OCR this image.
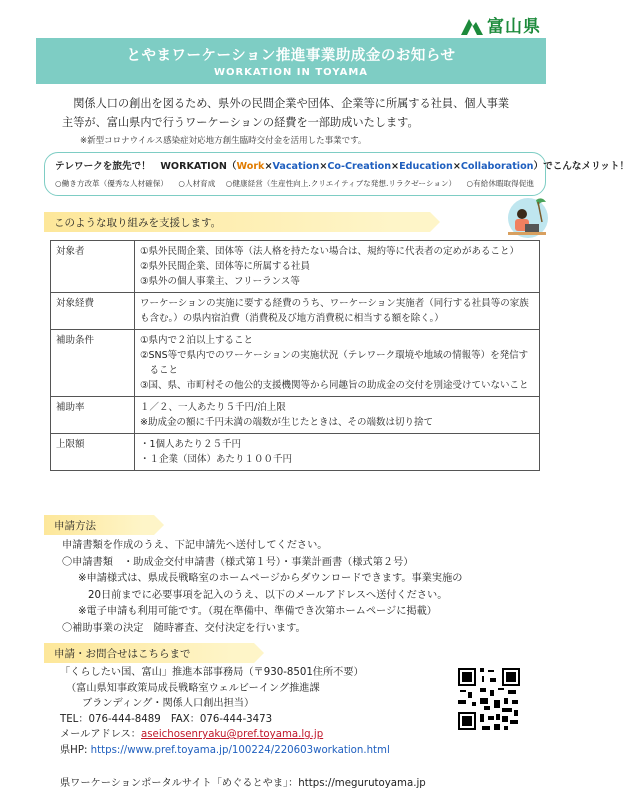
富山県
とやまワーケーション推進事業助成金のお知らせ
WORKATION IN TOYAMA
関係人口の創出を図るため、県外の民間企業や団体、企業等に所属する社員、個人事業
主等が、富山県内で行うワーケーションの経費を一部助成いたします。
※新型コロナウイルス感染症対応地方創生臨時交付金を活用した事業です。
テレワークを旅先で！　WORKATION（Work×Vacation×Co-Creation×Education×Collaboration）でこんなメリット！
○働き方改革（優秀な人材確保） ○人材育成 ○健康経営（生産性向上.クリエイティブな発想.リラクゼーション） ○有給休暇取得促進
このような取り組みを支援します。
対象者	①県外民間企業、団体等（法人格を持たない場合は、規約等に代表者の定めがあること）
②県外民間企業、団体等に所属する社員
③県外の個人事業主、フリーランス等

対象経費	ワーケーションの実施に要する経費のうち、ワーケーション実施者（同行する社員等の家族も含む。）の県内宿泊費（消費税及び地方消費税に相当する額を除く。）

補助条件	①県内で２泊以上すること
②SNS等で県内でのワーケーションの実施状況（テレワーク環境や地域の情報等）を発信すること
③国、県、市町村その他公的支援機関等から同趣旨の助成金の交付を別途受けていないこと

補助率	１／２、一人あたり５千円/泊上限
※助成金の額に千円未満の端数が生じたときは、その端数は切り捨て

上限額	・1個人あたり２５千円
・１企業（団体）あたり１００千円
申請方法
申請書類を作成のうえ、下記申請先へ送付してください。
〇申請書類　・助成金交付申請書（様式第１号）・事業計画書（様式第２号）
※申請様式は、県成長戦略室のホームページからダウンロードできます。事業実施の
20日前までに必要事項を記入のうえ、以下のメールアドレスへ送付ください。
※電子申請も利用可能です。（現在準備中、準備でき次第ホームページに掲載）
〇補助事業の決定　随時審査、交付決定を行います。
申請・お問合せはこちらまで
「くらしたい国、富山」推進本部事務局（〒930-8501住所不要）
（富山県知事政策局成長戦略室ウェルビーイング推進課
ブランディング・関係人口創出担当）
TEL：076-444-8489　FAX：076-444-3473
メールアドレス：aseichosenryaku@pref.toyama.lg.jp
県HP: https://www.pref.toyama.jp/100224/220603workation.html
県ワーケーションポータルサイト「めぐるとやま」：https://megurutoyama.jp
